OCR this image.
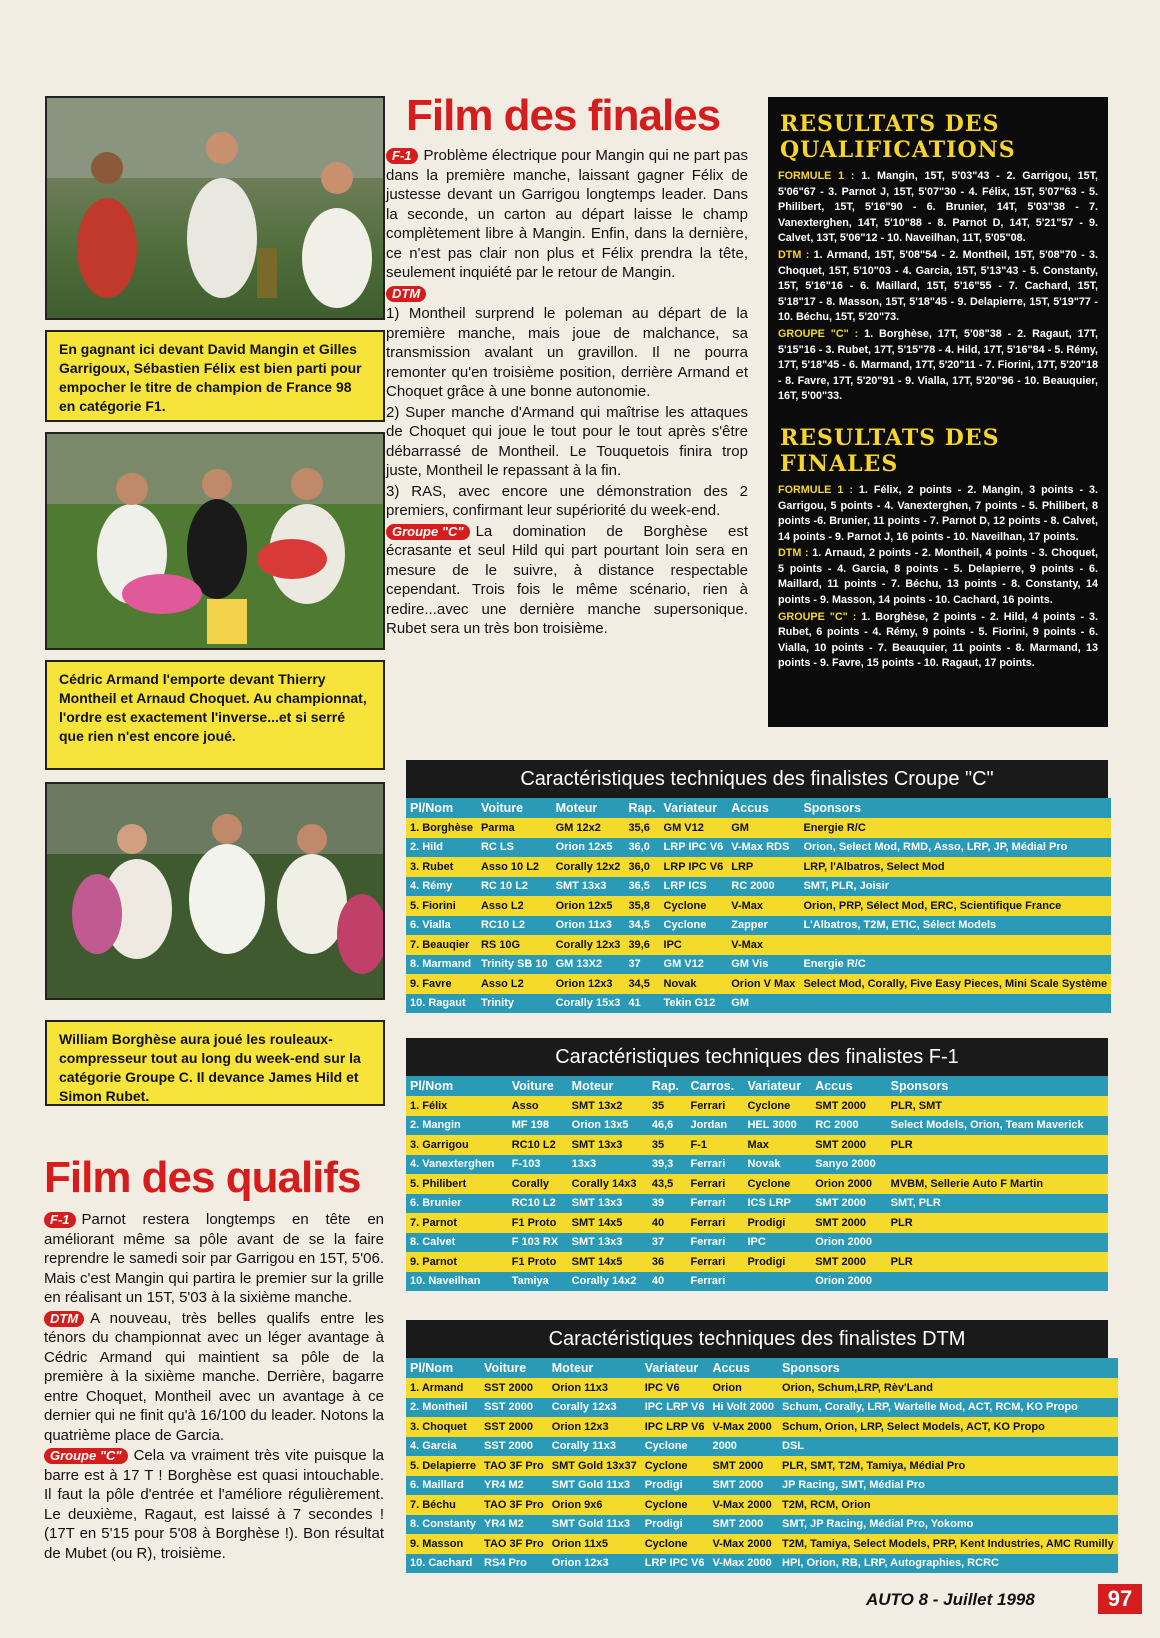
En gagnant ici devant David Mangin et Gilles Garrigoux, Sébastien Félix est bien parti pour empocher le titre de champion de France 98 en catégorie F1.
Cédric Armand l'emporte devant Thierry Montheil et Arnaud Choquet. Au championnat, l'ordre est exactement l'inverse...et si serré que rien n'est encore joué.
William Borghèse aura joué les rouleaux-compresseur tout au long du week-end sur la catégorie Groupe C. Il devance James Hild et Simon Rubet.
Film des finales

F-1 Problème électrique pour Mangin qui ne part pas dans la première manche, laissant gagner Félix de justesse devant un Garrigou longtemps leader. Dans la seconde, un carton au départ laisse le champ complètement libre à Mangin. Enfin, dans la dernière, ce n'est pas clair non plus et Félix prendra la tête, seulement inquiété par le retour de Mangin.

DTM

1) Montheil surprend le poleman au départ de la première manche, mais joue de malchance, sa transmission avalant un gravillon. Il ne pourra remonter qu'en troisième position, derrière Armand et Choquet grâce à une bonne autonomie.

2) Super manche d'Armand qui maîtrise les attaques de Choquet qui joue le tout pour le tout après s'être débarrassé de Montheil. Le Touquetois finira trop juste, Montheil le repassant à la fin.

3) RAS, avec encore une démonstration des 2 premiers, confirmant leur supériorité du week-end.

Groupe "C" La domination de Borghèse est écrasante et seul Hild qui part pourtant loin sera en mesure de le suivre, à distance respectable cependant. Trois fois le même scénario, rien à redire...avec une dernière manche supersonique. Rubet sera un très bon troisième.

RESULTATS DES QUALIFICATIONS

FORMULE 1 : 1. Mangin, 15T, 5'03"43 - 2. Garrigou, 15T, 5'06"67 - 3. Parnot J, 15T, 5'07"30 - 4. Félix, 15T, 5'07"63 - 5. Philibert, 15T, 5'16"90 - 6. Brunier, 14T, 5'03"38 - 7. Vanexterghen, 14T, 5'10"88 - 8. Parnot D, 14T, 5'21"57 - 9. Calvet, 13T, 5'06"12 - 10. Naveilhan, 11T, 5'05"08.

DTM : 1. Armand, 15T, 5'08"54 - 2. Montheil, 15T, 5'08"70 - 3. Choquet, 15T, 5'10"03 - 4. Garcia, 15T, 5'13"43 - 5. Constanty, 15T, 5'16"16 - 6. Maillard, 15T, 5'16"55 - 7. Cachard, 15T, 5'18"17 - 8. Masson, 15T, 5'18"45 - 9. Delapierre, 15T, 5'19"77 - 10. Béchu, 15T, 5'20"73.

GROUPE "C" : 1. Borghèse, 17T, 5'08"38 - 2. Ragaut, 17T, 5'15"16 - 3. Rubet, 17T, 5'15"78 - 4. Hild, 17T, 5'16"84 - 5. Rémy, 17T, 5'18"45 - 6. Marmand, 17T, 5'20"11 - 7. Fiorini, 17T, 5'20"18 - 8. Favre, 17T, 5'20"91 - 9. Vialla, 17T, 5'20"96 - 10. Beauquier, 16T, 5'00"33.

RESULTATS DES FINALES

FORMULE 1 : 1. Félix, 2 points - 2. Mangin, 3 points - 3. Garrigou, 5 points - 4. Vanexterghen, 7 points - 5. Philibert, 8 points -6. Brunier, 11 points - 7. Parnot D, 12 points - 8. Calvet, 14 points - 9. Parnot J, 16 points - 10. Naveilhan, 17 points.

DTM : 1. Arnaud, 2 points - 2. Montheil, 4 points - 3. Choquet, 5 points - 4. Garcia, 8 points - 5. Delapierre, 9 points - 6. Maillard, 11 points - 7. Béchu, 13 points - 8. Constanty, 14 points - 9. Masson, 14 points - 10. Cachard, 16 points.

GROUPE "C" : 1. Borghèse, 2 points - 2. Hild, 4 points - 3. Rubet, 6 points - 4. Rémy, 9 points - 5. Fiorini, 9 points - 6. Vialla, 10 points - 7. Beauquier, 11 points - 8. Marmand, 13 points - 9. Favre, 15 points - 10. Ragaut, 17 points.

Caractéristiques techniques des finalistes Croupe "C"
Pl/Nom	Voiture	Moteur	Rap.	Variateur	Accus	Sponsors
1. Borghèse	Parma	GM 12x2	35,6	GM V12	GM	Energie R/C
2. Hild	RC LS	Orion 12x5	36,0	LRP IPC V6	V-Max RDS	Orion, Select Mod, RMD, Asso, LRP, JP, Médial Pro
3. Rubet	Asso 10 L2	Corally 12x2	36,0	LRP IPC V6	LRP	LRP, l'Albatros, Select Mod
4. Rémy	RC 10 L2	SMT 13x3	36,5	LRP ICS	RC 2000	SMT, PLR, Joisir
5. Fiorini	Asso L2	Orion 12x5	35,8	Cyclone	V-Max	Orion, PRP, Sélect Mod, ERC, Scientifique France
6. Vialla	RC10 L2	Orion 11x3	34,5	Cyclone	Zapper	L'Albatros, T2M, ETIC, Sélect Models
7. Beauqier	RS 10G	Corally 12x3	39,6	IPC	V-Max	
8. Marmand	Trinity SB 10	GM 13X2	37	GM V12	GM Vis	Energie R/C
9. Favre	Asso L2	Orion 12x3	34,5	Novak	Orion V Max	Select Mod, Corally, Five Easy Pieces, Mini Scale Système
10. Ragaut	Trinity	Corally 15x3	41	Tekin G12	GM	
Caractéristiques techniques des finalistes F-1
Pl/Nom	Voiture	Moteur	Rap.	Carros.	Variateur	Accus	Sponsors
1. Félix	Asso	SMT 13x2	35	Ferrari	Cyclone	SMT 2000	PLR, SMT
2. Mangin	MF 198	Orion 13x5	46,6	Jordan	HEL 3000	RC 2000	Select Models, Orion, Team Maverick
3. Garrigou	RC10 L2	SMT 13x3	35	F-1	Max	SMT 2000	PLR
4. Vanexterghen	F-103	13x3	39,3	Ferrari	Novak	Sanyo 2000	
5. Philibert	Corally	Corally 14x3	43,5	Ferrari	Cyclone	Orion 2000	MVBM, Sellerie Auto F Martin
6. Brunier	RC10 L2	SMT 13x3	39	Ferrari	ICS LRP	SMT 2000	SMT, PLR
7. Parnot	F1 Proto	SMT 14x5	40	Ferrari	Prodigi	SMT 2000	PLR
8. Calvet	F 103 RX	SMT 13x3	37	Ferrari	IPC	Orion 2000	
9. Parnot	F1 Proto	SMT 14x5	36	Ferrari	Prodigi	SMT 2000	PLR
10. Naveilhan	Tamiya	Corally 14x2	40	Ferrari		Orion 2000	
Caractéristiques techniques des finalistes DTM
Pl/Nom	Voiture	Moteur	Variateur	Accus	Sponsors
1. Armand	SST 2000	Orion 11x3	IPC V6	Orion	Orion, Schum,LRP, Rèv'Land
2. Montheil	SST 2000	Corally 12x3	IPC LRP V6	Hi Volt 2000	Schum, Corally, LRP, Wartelle Mod, ACT, RCM, KO Propo
3. Choquet	SST 2000	Orion 12x3	IPC LRP V6	V-Max 2000	Schum, Orion, LRP, Select Models, ACT, KO Propo
4. Garcia	SST 2000	Corally 11x3	Cyclone	2000	DSL
5. Delapierre	TAO 3F Pro	SMT Gold 13x37	Cyclone	SMT 2000	PLR, SMT, T2M, Tamiya, Médial Pro
6. Maillard	YR4 M2	SMT Gold 11x3	Prodigi	SMT 2000	JP Racing, SMT, Médial Pro
7. Béchu	TAO 3F Pro	Orion 9x6	Cyclone	V-Max 2000	T2M, RCM, Orion
8. Constanty	YR4 M2	SMT Gold 11x3	Prodigi	SMT 2000	SMT, JP Racing, Médial Pro, Yokomo
9. Masson	TAO 3F Pro	Orion 11x5	Cyclone	V-Max 2000	T2M, Tamiya, Select Models, PRP, Kent Industries, AMC Rumilly
10. Cachard	RS4 Pro	Orion 12x3	LRP IPC V6	V-Max 2000	HPI, Orion, RB, LRP, Autographies, RCRC
Film des qualifs

F-1 Parnot restera longtemps en tête en améliorant même sa pôle avant de se la faire reprendre le samedi soir par Garrigou en 15T, 5'06. Mais c'est Mangin qui partira le premier sur la grille en réalisant un 15T, 5'03 à la sixième manche.

DTM A nouveau, très belles qualifs entre les ténors du championnat avec un léger avantage à Cédric Armand qui maintient sa pôle de la première à la sixième manche. Derrière, bagarre entre Choquet, Montheil avec un avantage à ce dernier qui ne finit qu'à 16/100 du leader. Notons la quatrième place de Garcia.

Groupe "C" Cela va vraiment très vite puisque la barre est à 17 T ! Borghèse est quasi intouchable. Il faut la pôle d'entrée et l'améliore régulièrement. Le deuxième, Ragaut, est laissé à 7 secondes ! (17T en 5'15 pour 5'08 à Borghèse !). Bon résultat de Mubet (ou R), troisième.

AUTO 8 - Juillet 1998	97
